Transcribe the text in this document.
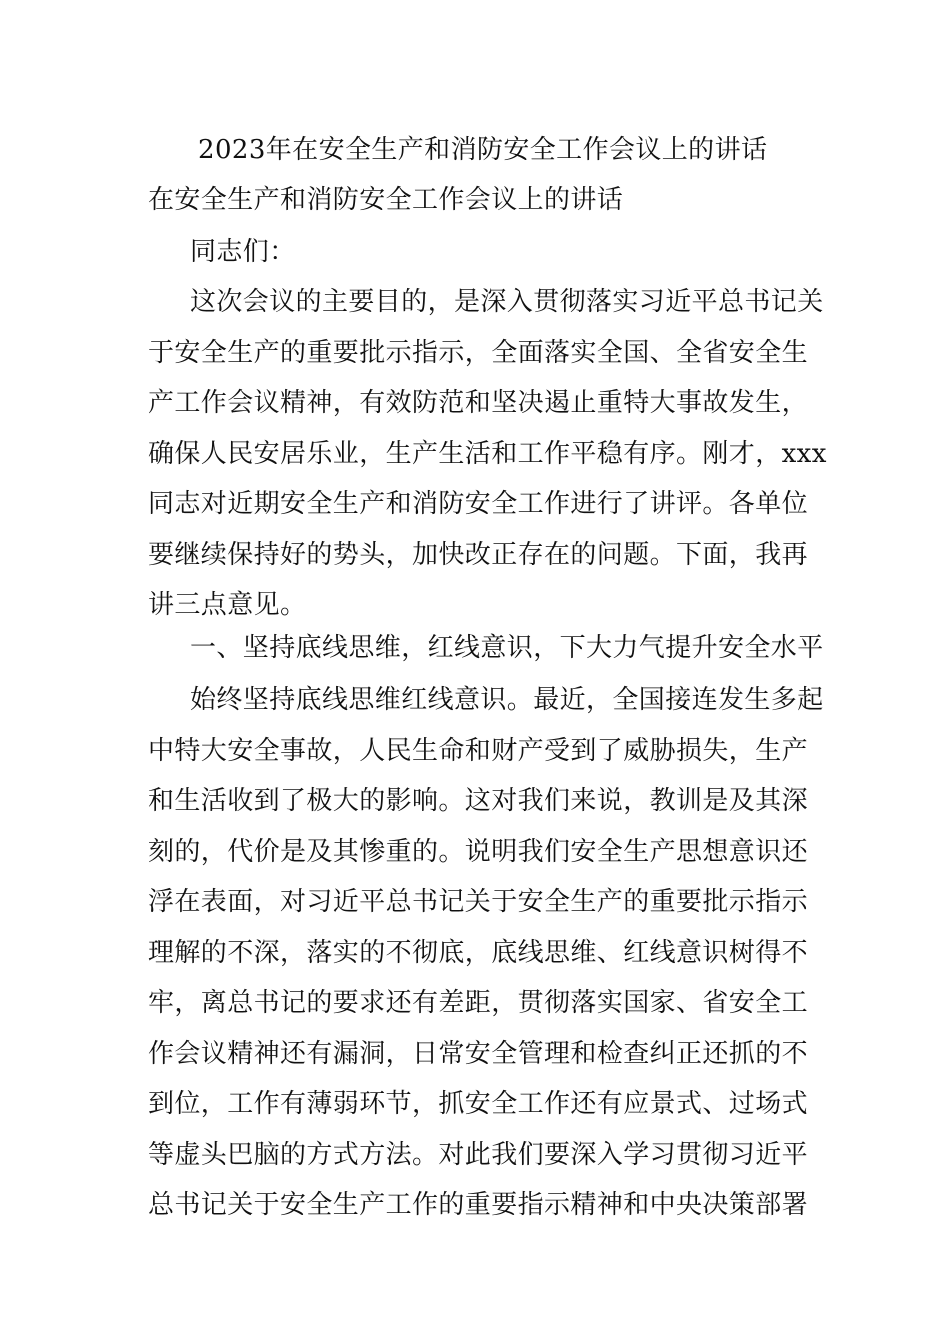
2023年在安全生产和消防安全工作会议上的讲话
在安全生产和消防安全工作会议上的讲话
同志们：
这次会议的主要目的，是深入贯彻落实习近平总书记关
于安全生产的重要批示指示，全面落实全国、全省安全生
产工作会议精神，有效防范和坚决遏止重特大事故发生，
确保人民安居乐业，生产生活和工作平稳有序。刚才，xxx
同志对近期安全生产和消防安全工作进行了讲评。各单位
要继续保持好的势头，加快改正存在的问题。下面，我再
讲三点意见。
一、坚持底线思维，红线意识，下大力气提升安全水平
始终坚持底线思维红线意识。最近，全国接连发生多起
中特大安全事故，人民生命和财产受到了威胁损失，生产
和生活收到了极大的影响。这对我们来说，教训是及其深
刻的，代价是及其惨重的。说明我们安全生产思想意识还
浮在表面，对习近平总书记关于安全生产的重要批示指示
理解的不深，落实的不彻底，底线思维、红线意识树得不
牢，离总书记的要求还有差距，贯彻落实国家、省安全工
作会议精神还有漏洞，日常安全管理和检查纠正还抓的不
到位，工作有薄弱环节，抓安全工作还有应景式、过场式
等虚头巴脑的方式方法。对此我们要深入学习贯彻习近平
总书记关于安全生产工作的重要指示精神和中央决策部署
